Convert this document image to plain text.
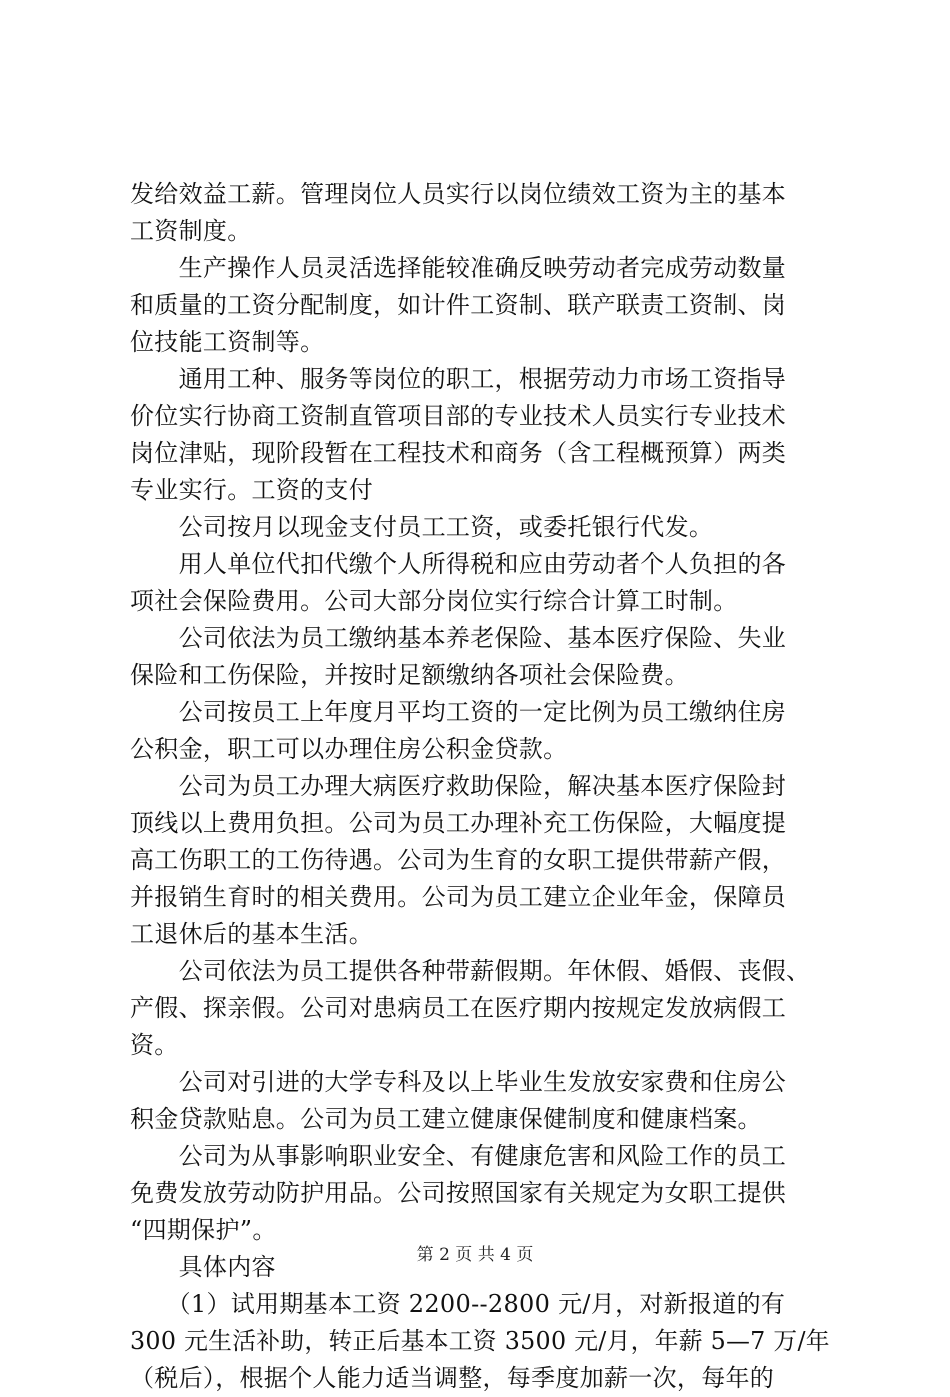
发给效益工薪。管理岗位人员实行以岗位绩效工资为主的基本
工资制度。
　　生产操作人员灵活选择能较准确反映劳动者完成劳动数量
和质量的工资分配制度，如计件工资制、联产联责工资制、岗
位技能工资制等。
　　通用工种、服务等岗位的职工，根据劳动力市场工资指导
价位实行协商工资制直管项目部的专业技术人员实行专业技术
岗位津贴，现阶段暂在工程技术和商务（含工程概预算）两类
专业实行。工资的支付
　　公司按月以现金支付员工工资，或委托银行代发。
　　用人单位代扣代缴个人所得税和应由劳动者个人负担的各
项社会保险费用。公司大部分岗位实行综合计算工时制。
　　公司依法为员工缴纳基本养老保险、基本医疗保险、失业
保险和工伤保险，并按时足额缴纳各项社会保险费。
　　公司按员工上年度月平均工资的一定比例为员工缴纳住房
公积金，职工可以办理住房公积金贷款。
　　公司为员工办理大病医疗救助保险，解决基本医疗保险封
顶线以上费用负担。公司为员工办理补充工伤保险，大幅度提
高工伤职工的工伤待遇。公司为生育的女职工提供带薪产假，
并报销生育时的相关费用。公司为员工建立企业年金，保障员
工退休后的基本生活。
　　公司依法为员工提供各种带薪假期。年休假、婚假、丧假、
产假、探亲假。公司对患病员工在医疗期内按规定发放病假工
资。
　　公司对引进的大学专科及以上毕业生发放安家费和住房公
积金贷款贴息。公司为员工建立健康保健制度和健康档案。
　　公司为从事影响职业安全、有健康危害和风险工作的员工
免费发放劳动防护用品。公司按照国家有关规定为女职工提供
“四期保护”。
　　具体内容
　　（1）试用期基本工资 2200--2800 元/月，对新报道的有
300 元生活补助，转正后基本工资 3500 元/月，年薪 5—7 万/年
（税后），根据个人能力适当调整，每季度加薪一次，每年的
第 2 页 共 4 页
